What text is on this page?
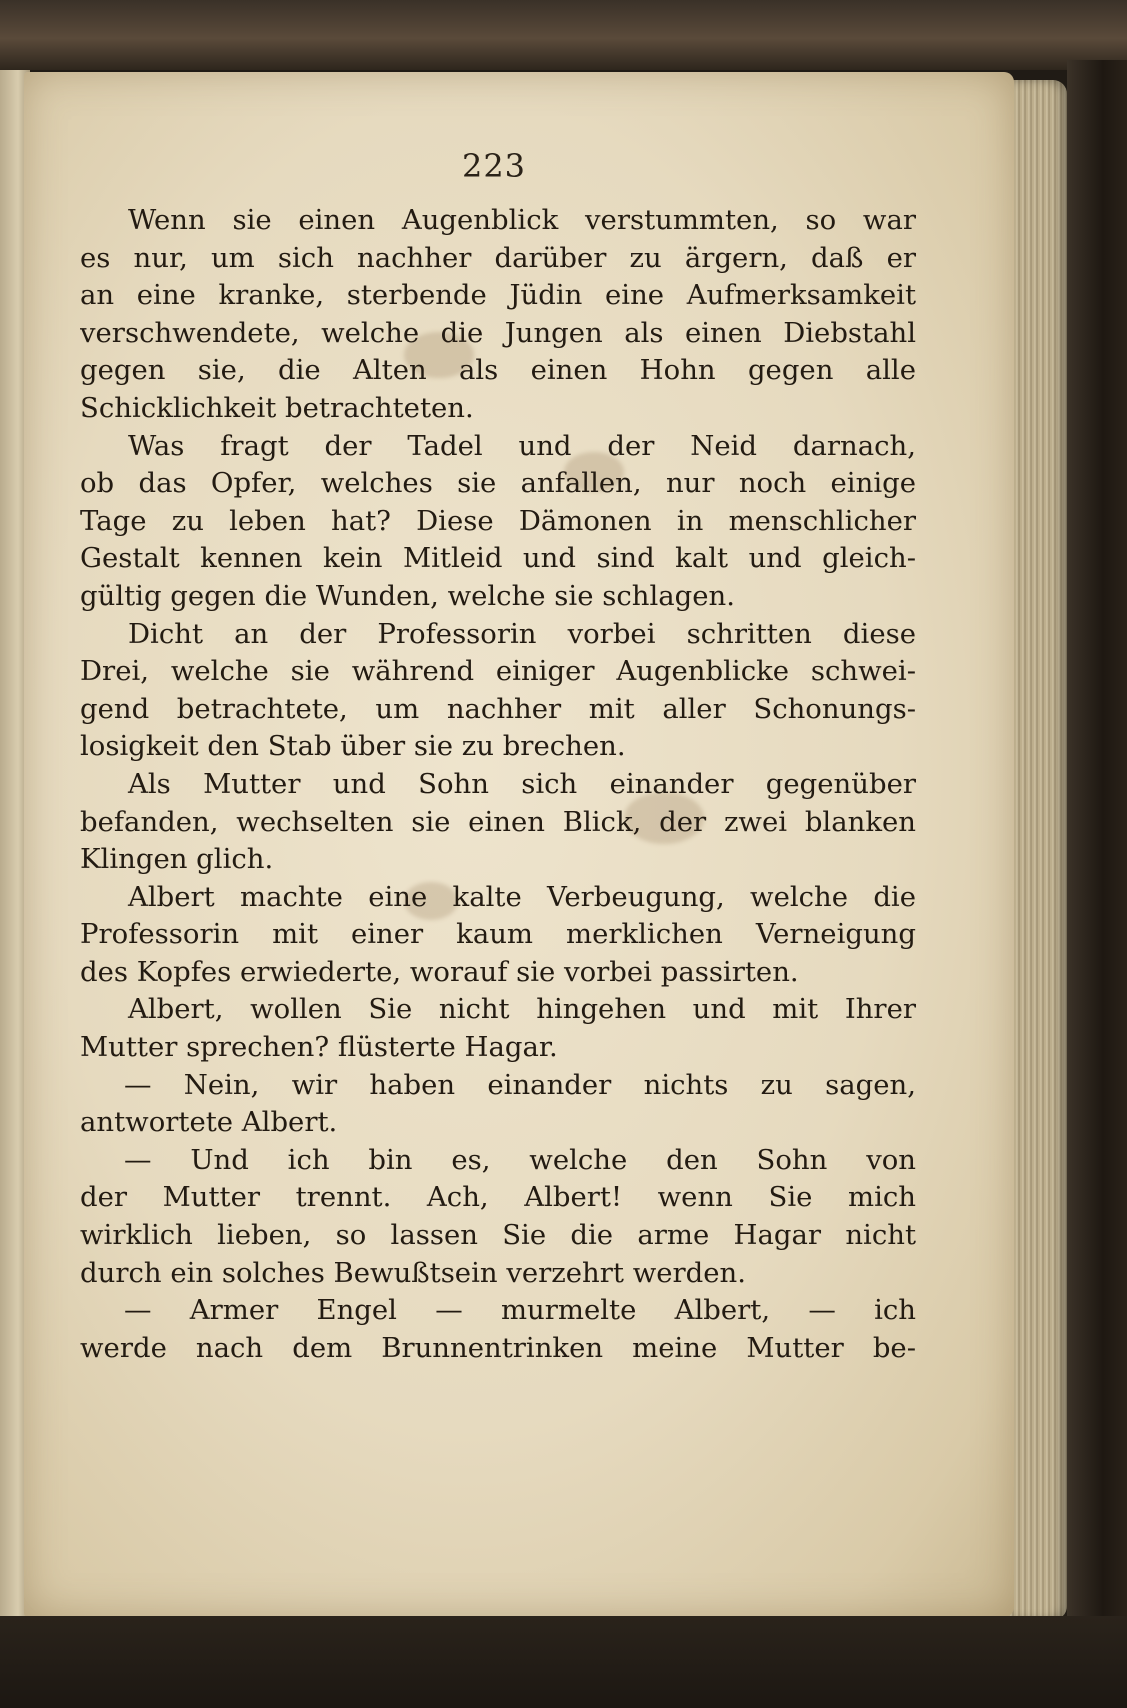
223
Wenn sie einen Augenblick verstummten, so war
es nur, um sich nachher darüber zu ärgern, daß er
an eine kranke, sterbende Jüdin eine Aufmerksamkeit
verschwendete, welche die Jungen als einen Diebstahl
gegen sie, die Alten als einen Hohn gegen alle
Schicklichkeit betrachteten.
Was fragt der Tadel und der Neid darnach,
ob das Opfer, welches sie anfallen, nur noch einige
Tage zu leben hat? Diese Dämonen in menschlicher
Gestalt kennen kein Mitleid und sind kalt und gleich-
gültig gegen die Wunden, welche sie schlagen.
Dicht an der Professorin vorbei schritten diese
Drei, welche sie während einiger Augenblicke schwei-
gend betrachtete, um nachher mit aller Schonungs-
losigkeit den Stab über sie zu brechen.
Als Mutter und Sohn sich einander gegenüber
befanden, wechselten sie einen Blick, der zwei blanken
Klingen glich.
Albert machte eine kalte Verbeugung, welche die
Professorin mit einer kaum merklichen Verneigung
des Kopfes erwiederte, worauf sie vorbei passirten.
Albert, wollen Sie nicht hingehen und mit Ihrer
Mutter sprechen? flüsterte Hagar.
— Nein, wir haben einander nichts zu sagen,
antwortete Albert.
— Und ich bin es, welche den Sohn von
der Mutter trennt. Ach, Albert! wenn Sie mich
wirklich lieben, so lassen Sie die arme Hagar nicht
durch ein solches Bewußtsein verzehrt werden.
— Armer Engel — murmelte Albert, — ich
werde nach dem Brunnentrinken meine Mutter be-
